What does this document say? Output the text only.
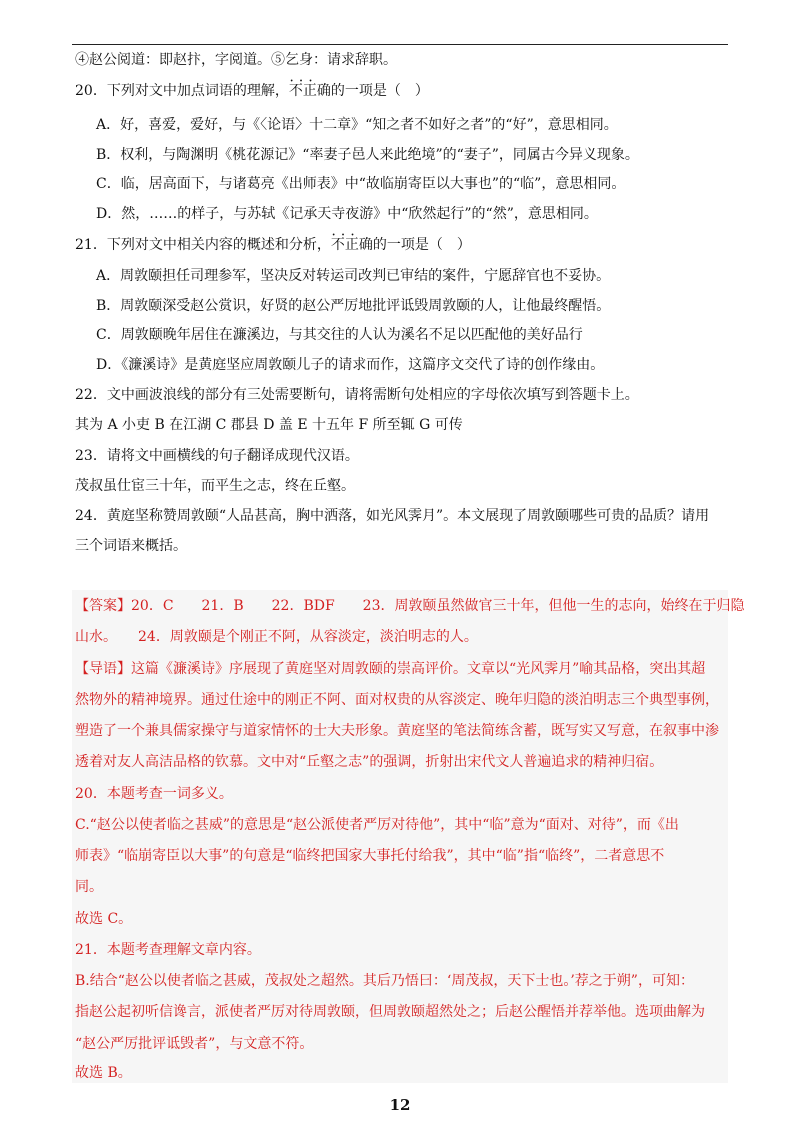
④赵公阅道：即赵抃，字阅道。⑤乞身：请求辞职。
20．下列对文中加点词语的理解，• • • 不正确的一项是（　）
A．好，喜爱，爱好，与《〈论语〉十二章》“知之者不如好之者”的“好”，意思相同。
B．权利，与陶渊明《桃花源记》“率妻子邑人来此绝境”的“妻子”，同属古今异义现象。
C．临，居高面下，与诸葛亮《出师表》中“故临崩寄臣以大事也”的“临”，意思相同。
D．然，……的样子，与苏轼《记承天寺夜游》中“欣然起行”的“然”，意思相同。
21．下列对文中相关内容的概述和分析，• • • 不正确的一项是（　）
A．周敦颐担任司理参军，坚决反对转运司改判已审结的案件，宁愿辞官也不妥协。
B．周敦颐深受赵公赏识，好贤的赵公严厉地批评诋毁周敦颐的人，让他最终醒悟。
C．周敦颐晚年居住在濂溪边，与其交往的人认为溪名不足以匹配他的美好品行
D．《濂溪诗》是黄庭坚应周敦颐儿子的请求而作，这篇序文交代了诗的创作缘由。
22．文中画波浪线的部分有三处需要断句，请将需断句处相应的字母依次填写到答题卡上。
其为 A 小吏 B 在江湖 C 郡县 D 盖 E 十五年 F 所至辄 G 可传
23．请将文中画横线的句子翻译成现代汉语。
茂叔虽仕宦三十年，而平生之志，终在丘壑。
24．黄庭坚称赞周敦颐“人品甚高，胸中洒落，如光风霁月”。本文展现了周敦颐哪些可贵的品质？请用
三个词语来概括。
【答案】20．C　　21．B　　22．BDF　　23．周敦颐虽然做官三十年，但他一生的志向，始终在于归隐
山水。　　24．周敦颐是个刚正不阿，从容淡定，淡泊明志的人。
【导语】这篇《濂溪诗》序展现了黄庭坚对周敦颐的崇高评价。文章以“光风霁月”喻其品格，突出其超
然物外的精神境界。通过仕途中的刚正不阿、面对权贵的从容淡定、晚年归隐的淡泊明志三个典型事例，
塑造了一个兼具儒家操守与道家情怀的士大夫形象。黄庭坚的笔法简练含蓄，既写实又写意，在叙事中渗
透着对友人高洁品格的钦慕。文中对“丘壑之志”的强调，折射出宋代文人普遍追求的精神归宿。
20．本题考查一词多义。
C.“赵公以使者临之甚威”的意思是“赵公派使者严厉对待他”，其中“临”意为“面对、对待”，而《出
师表》“临崩寄臣以大事”的句意是“临终把国家大事托付给我”，其中“临”指“临终”，二者意思不
同。
故选 C。
21．本题考查理解文章内容。
B.结合“赵公以使者临之甚威，茂叔处之超然。其后乃悟曰：‘周茂叔，天下士也。’荐之于朔”，可知：
指赵公起初听信谗言，派使者严厉对待周敦颐，但周敦颐超然处之；后赵公醒悟并荐举他。选项曲解为
“赵公严厉批评诋毁者”，与文意不符。
故选 B。
12
